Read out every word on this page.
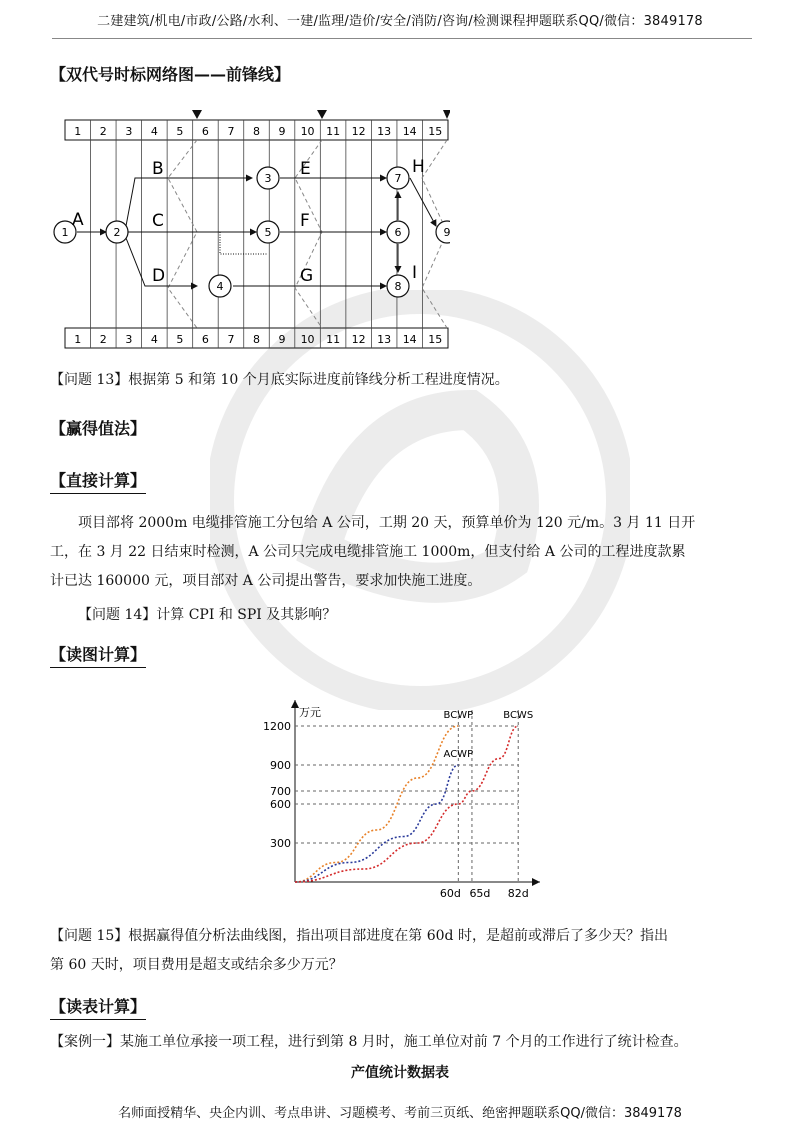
二建建筑/机电/市政/公路/水利、一建/监理/造价/安全/消防/咨询/检测课程押题联系QQ/微信：3849178
【双代号时标网络图——前锋线】
1 2 3 4 5 6 7 8 9 10 11 12 13 14 15
1 2 3 4 5 6 7 8 9 10 11 12 13 14 15
1	2
3
4
5	6
7
8
9
A
B
C
D
E
F
G
H
I
【问题 13】根据第 5 和第 10 个月底实际进度前锋线分析工程进度情况。
【赢得值法】
【直接计算】
项目部将 2000m 电缆排管施工分包给 A 公司，工期 20 天，预算单价为 120 元/m。3 月 11 日开
工，在 3 月 22 日结束时检测，A 公司只完成电缆排管施工 1000m，但支付给 A 公司的工程进度款累
计已达 160000 元，项目部对 A 公司提出警告，要求加快施工进度。
【问题 14】计算 CPI 和 SPI 及其影响？
【读图计算】
万元
300
600
700
900
1200
60d 65d 82d
BCWP
ACWP
BCWS
【问题 15】根据赢得值分析法曲线图，指出项目部进度在第 60d 时，是超前或滞后了多少天？指出
第 60 天时，项目费用是超支或结余多少万元？
【读表计算】
【案例一】某施工单位承接一项工程，进行到第 8 月时，施工单位对前 7 个月的工作进行了统计检查。
产值统计数据表
名师面授精华、央企内训、考点串讲、习题模考、考前三页纸、绝密押题联系QQ/微信：3849178
